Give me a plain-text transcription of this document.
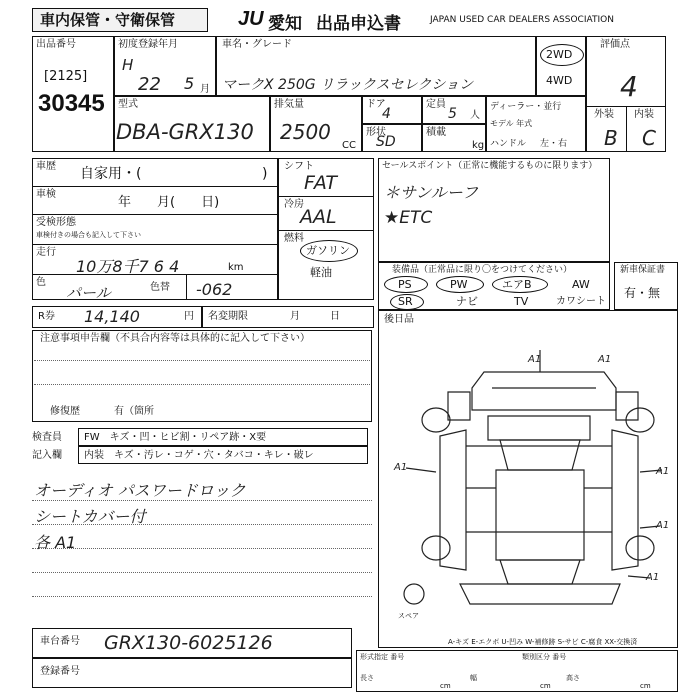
車内保管・守衛保管	JU 愛知 出品申込書	JAPAN USED CAR DEALERS ASSOCIATION
出品番号
[2125]
30345
初度登録年月
H
22 5 月
車名・グレード
マークX 250G リラックスセレクション
2WD
4WD
評価点
4
外装 内装
B C
型式
DBA-GRX130
排気量
2500
CC
ドア
4
定員
5 人
形状
SD
積載
kg
ディーラー・並行
モデル 年式
ハンドル 左・右
車歴 自家用・(	)
車検
年　　月(　　日)
受検形態
車検付きの場合も記入して下さい
走行
10万8千7 6 4	km
色
パール	色替 -062
シフト
FAT
冷房
AAL
燃料
ガソリン
軽油
セールスポイント（正常に機能するものに限ります）
＊サンルーフ
★ETC
装備品（正常品に限り〇をつけてください）
PS	PW	エアB	AW
SR	ナビ	TV	カワシート
新車保証書
有・無
R券 14,140	円 名変期限	月　　　日
注意事項申告欄（不具合内容等は具体的に記入して下さい）
修復歴	有（箇所
検査員
記入欄
FW　キズ・凹・ヒビ割・リペア跡・X要
内装　キズ・汚レ・コゲ・穴・タバコ・キレ・破レ
オーディオ パスワードロック
シートカバー付
各 A1
後日品
A1	A1
A1	A1
A1
A1
スペア
A-キズ E-エクボ U-凹み W-補修跡 S-サビ C-腐食 XX-交換済
車台番号 GRX130-6025126
登録番号
形式指定 番号	類別区分 番号
長さ	幅	高さ
cm	cm	cm
